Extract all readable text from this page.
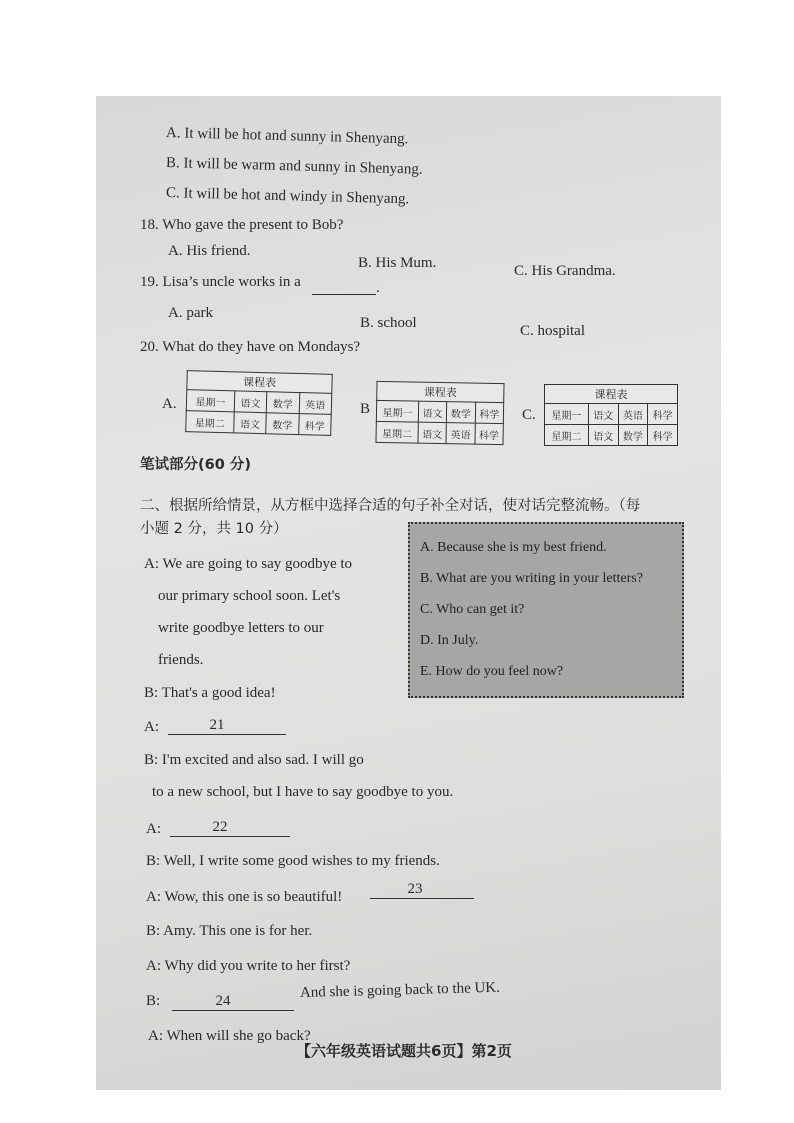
A. It will be hot and sunny in Shenyang.
B. It will be warm and sunny in Shenyang.
C. It will be hot and windy in Shenyang.
18. Who gave the present to Bob?
A. His friend.
B. His Mum.	C. His Grandma.
19. Lisa’s uncle works in a	.
A. park
B. school	C. hospital
20. What do they have on Mondays?
A.
课程表			
星期一	语文	数学	英语
星期二	语文	数学	科学
B
课程表			
星期一	语文	数学	科学
星期二	语文	英语	科学
C.
课程表			
星期一	语文	英语	科学
星期二	语文	数学	科学
笔试部分(60 分)
二、根据所给情景，从方框中选择合适的句子补全对话，使对话完整流畅。（每
小题 2 分，共 10 分）
A. Because she is my best friend.
B. What are you writing in your letters?
C. Who can get it?
D. In July.
E. How do you feel now?
A: We are going to say goodbye to
our primary school soon. Let's
write goodbye letters to our
friends.
B: That's a good idea!
A:	21
B: I'm excited and also sad. I will go
to a new school, but I have to say goodbye to you.
A:	22
B: Well, I write some good wishes to my friends.
A: Wow, this one is so beautiful!	23
B: Amy. This one is for her.
A: Why did you write to her first?
B:	24
And she is going back to the UK.
A: When will she go back?
【六年级英语试题共6页】第2页
